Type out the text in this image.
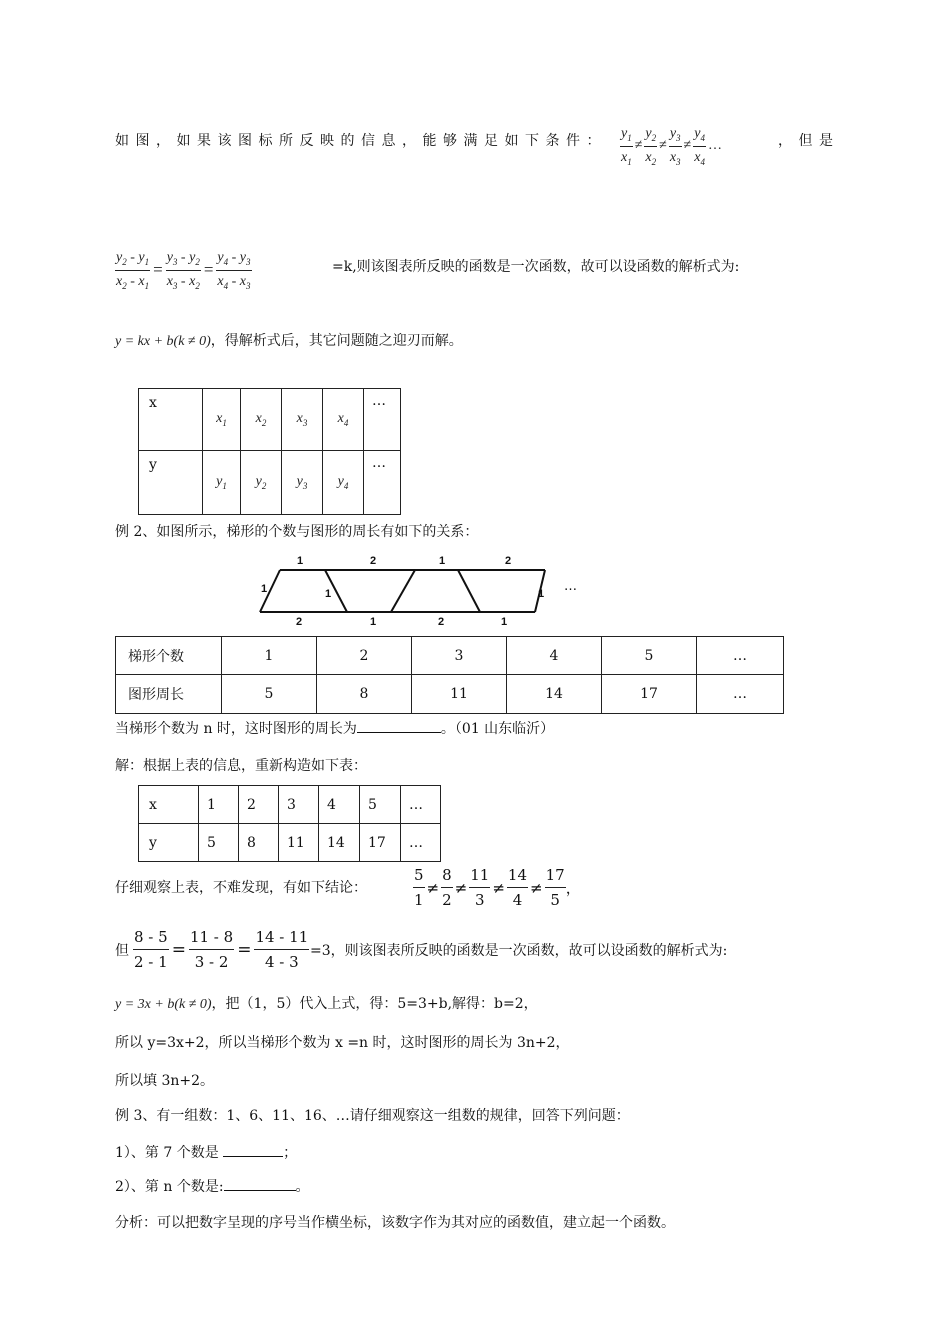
如图，如果该图标所反映的信息，能够满足如下条件： $\frac{y_1}{x_1} \ne \frac{y_2}{x_2} \ne \frac{y_3}{x_3} \ne \frac{y_4}{x_4}$ …	，但是
$\frac{y_2 - y_1}{x_2 - x_1} = \frac{y_3 - y_2}{x_3 - x_2} = \frac{y_4 - y_3}{x_4 - x_3}$	=k,则该图表所反映的函数是一次函数，故可以设函数的解析式为:
y = kx + b(k ≠ 0)，得解析式后，其它问题随之迎刃而解。
x	$x_1$	$x_2$	$x_3$	$x_4$	…
y	$y_1$	$y_2$	$y_3$	$y_4$	…
例 2、如图所示，梯形的个数与图形的周长有如下的关系：
1	2	1	2
2	1	2	1
1	1	1 …
梯形个数	1	2	3	4	5	…
图形周长	5	8	11	14	17	…
当梯形个数为 n 时，这时图形的周长为	。（01 山东临沂）
解：根据上表的信息，重新构造如下表：
x	1	2	3	4	5	…
y	5	8	11	14	17	…
仔细观察上表，不难发现，有如下结论：	$\frac{5}{1} \ne \frac{8}{2} \ne \frac{11}{3} \ne \frac{14}{4} \ne \frac{17}{5}$ ，
但 $\frac{8 - 5}{2 - 1} = \frac{11 - 8}{3 - 2} = \frac{14 - 11}{4 - 3} =3$，则该图表所反映的函数是一次函数，故可以设函数的解析式为:
y = 3x + b(k ≠ 0)，把（1，5）代入上式，得：5=3+b,解得：b=2，
所以 y=3x+2，所以当梯形个数为 x =n 时，这时图形的周长为 3n+2，
所以填 3n+2。
例 3、有一组数：1、6、11、16、…请仔细观察这一组数的规律，回答下列问题：
1）、第 7 个数是	；
2）、第 n 个数是:	。
分析：可以把数字呈现的序号当作横坐标，该数字作为其对应的函数值，建立起一个函数。
